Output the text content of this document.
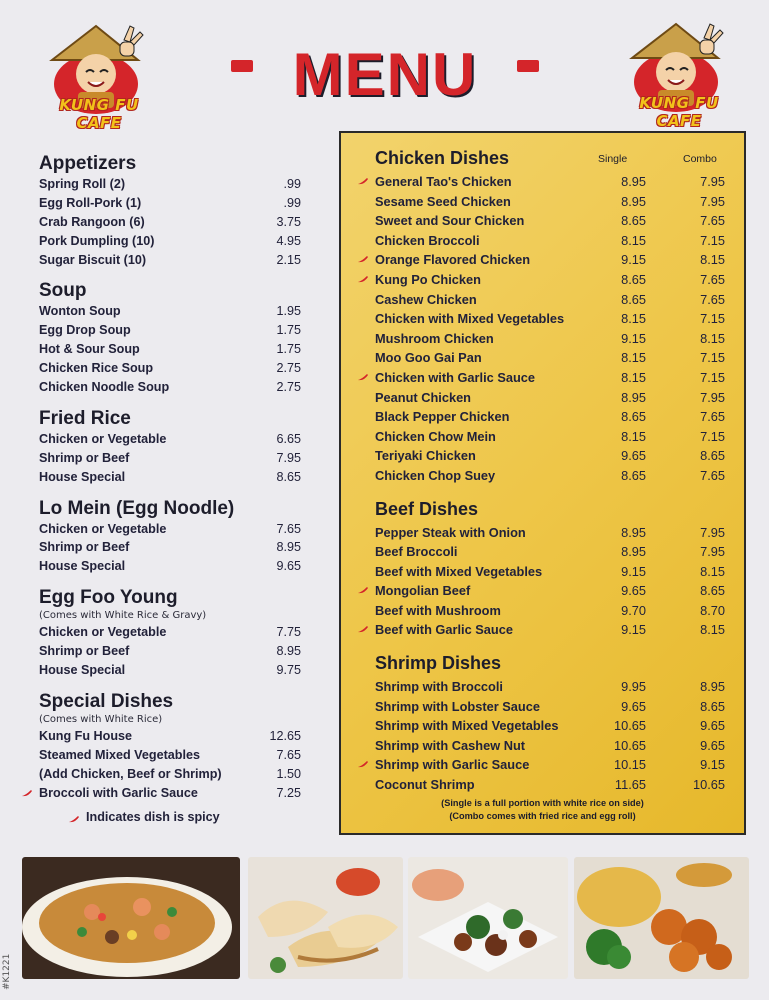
KUNG FU CAFE
KUNG FU CAFE
MENU
Appetizers
Spring Roll (2)	.99
Egg Roll-Pork (1)	.99
Crab Rangoon (6)	3.75
Pork Dumpling (10)	4.95
Sugar Biscuit (10)	2.15
Soup
Wonton Soup	1.95
Egg Drop Soup	1.75
Hot & Sour Soup	1.75
Chicken Rice Soup	2.75
Chicken Noodle Soup	2.75
Fried Rice
Chicken or Vegetable	6.65
Shrimp or Beef	7.95
House Special	8.65
Lo Mein (Egg Noodle)
Chicken or Vegetable	7.65
Shrimp or Beef	8.95
House Special	9.65
Egg Foo Young
(Comes with White Rice & Gravy)
Chicken or Vegetable	7.75
Shrimp or Beef	8.95
House Special	9.75
Special Dishes
(Comes with White Rice)
Kung Fu House	12.65
Steamed Mixed Vegetables	7.65
(Add Chicken, Beef or Shrimp)	1.50
Broccoli with Garlic Sauce	7.25
Indicates dish is spicy
Chicken Dishes	Single	Combo
General Tao's Chicken	8.95	7.95
Sesame Seed Chicken	8.95	7.95
Sweet and Sour Chicken	8.65	7.65
Chicken Broccoli	8.15	7.15
Orange Flavored Chicken	9.15	8.15
Kung Po Chicken	8.65	7.65
Cashew Chicken	8.65	7.65
Chicken with Mixed Vegetables	8.15	7.15
Mushroom Chicken	9.15	8.15
Moo Goo Gai Pan	8.15	7.15
Chicken with Garlic Sauce	8.15	7.15
Peanut Chicken	8.95	7.95
Black Pepper Chicken	8.65	7.65
Chicken Chow Mein	8.15	7.15
Teriyaki Chicken	9.65	8.65
Chicken Chop Suey	8.65	7.65
Beef Dishes
Pepper Steak with Onion	8.95	7.95
Beef Broccoli	8.95	7.95
Beef with Mixed Vegetables	9.15	8.15
Mongolian Beef	9.65	8.65
Beef with Mushroom	9.70	8.70
Beef with Garlic Sauce	9.15	8.15
Shrimp Dishes
Shrimp with Broccoli	9.95	8.95
Shrimp with Lobster Sauce	9.65	8.65
Shrimp with Mixed Vegetables	10.65	9.65
Shrimp with Cashew Nut	10.65	9.65
Shrimp with Garlic Sauce	10.15	9.15
Coconut Shrimp	11.65	10.65
(Single is a full portion with white rice on side)
(Combo comes with fried rice and egg roll)
#K1221
